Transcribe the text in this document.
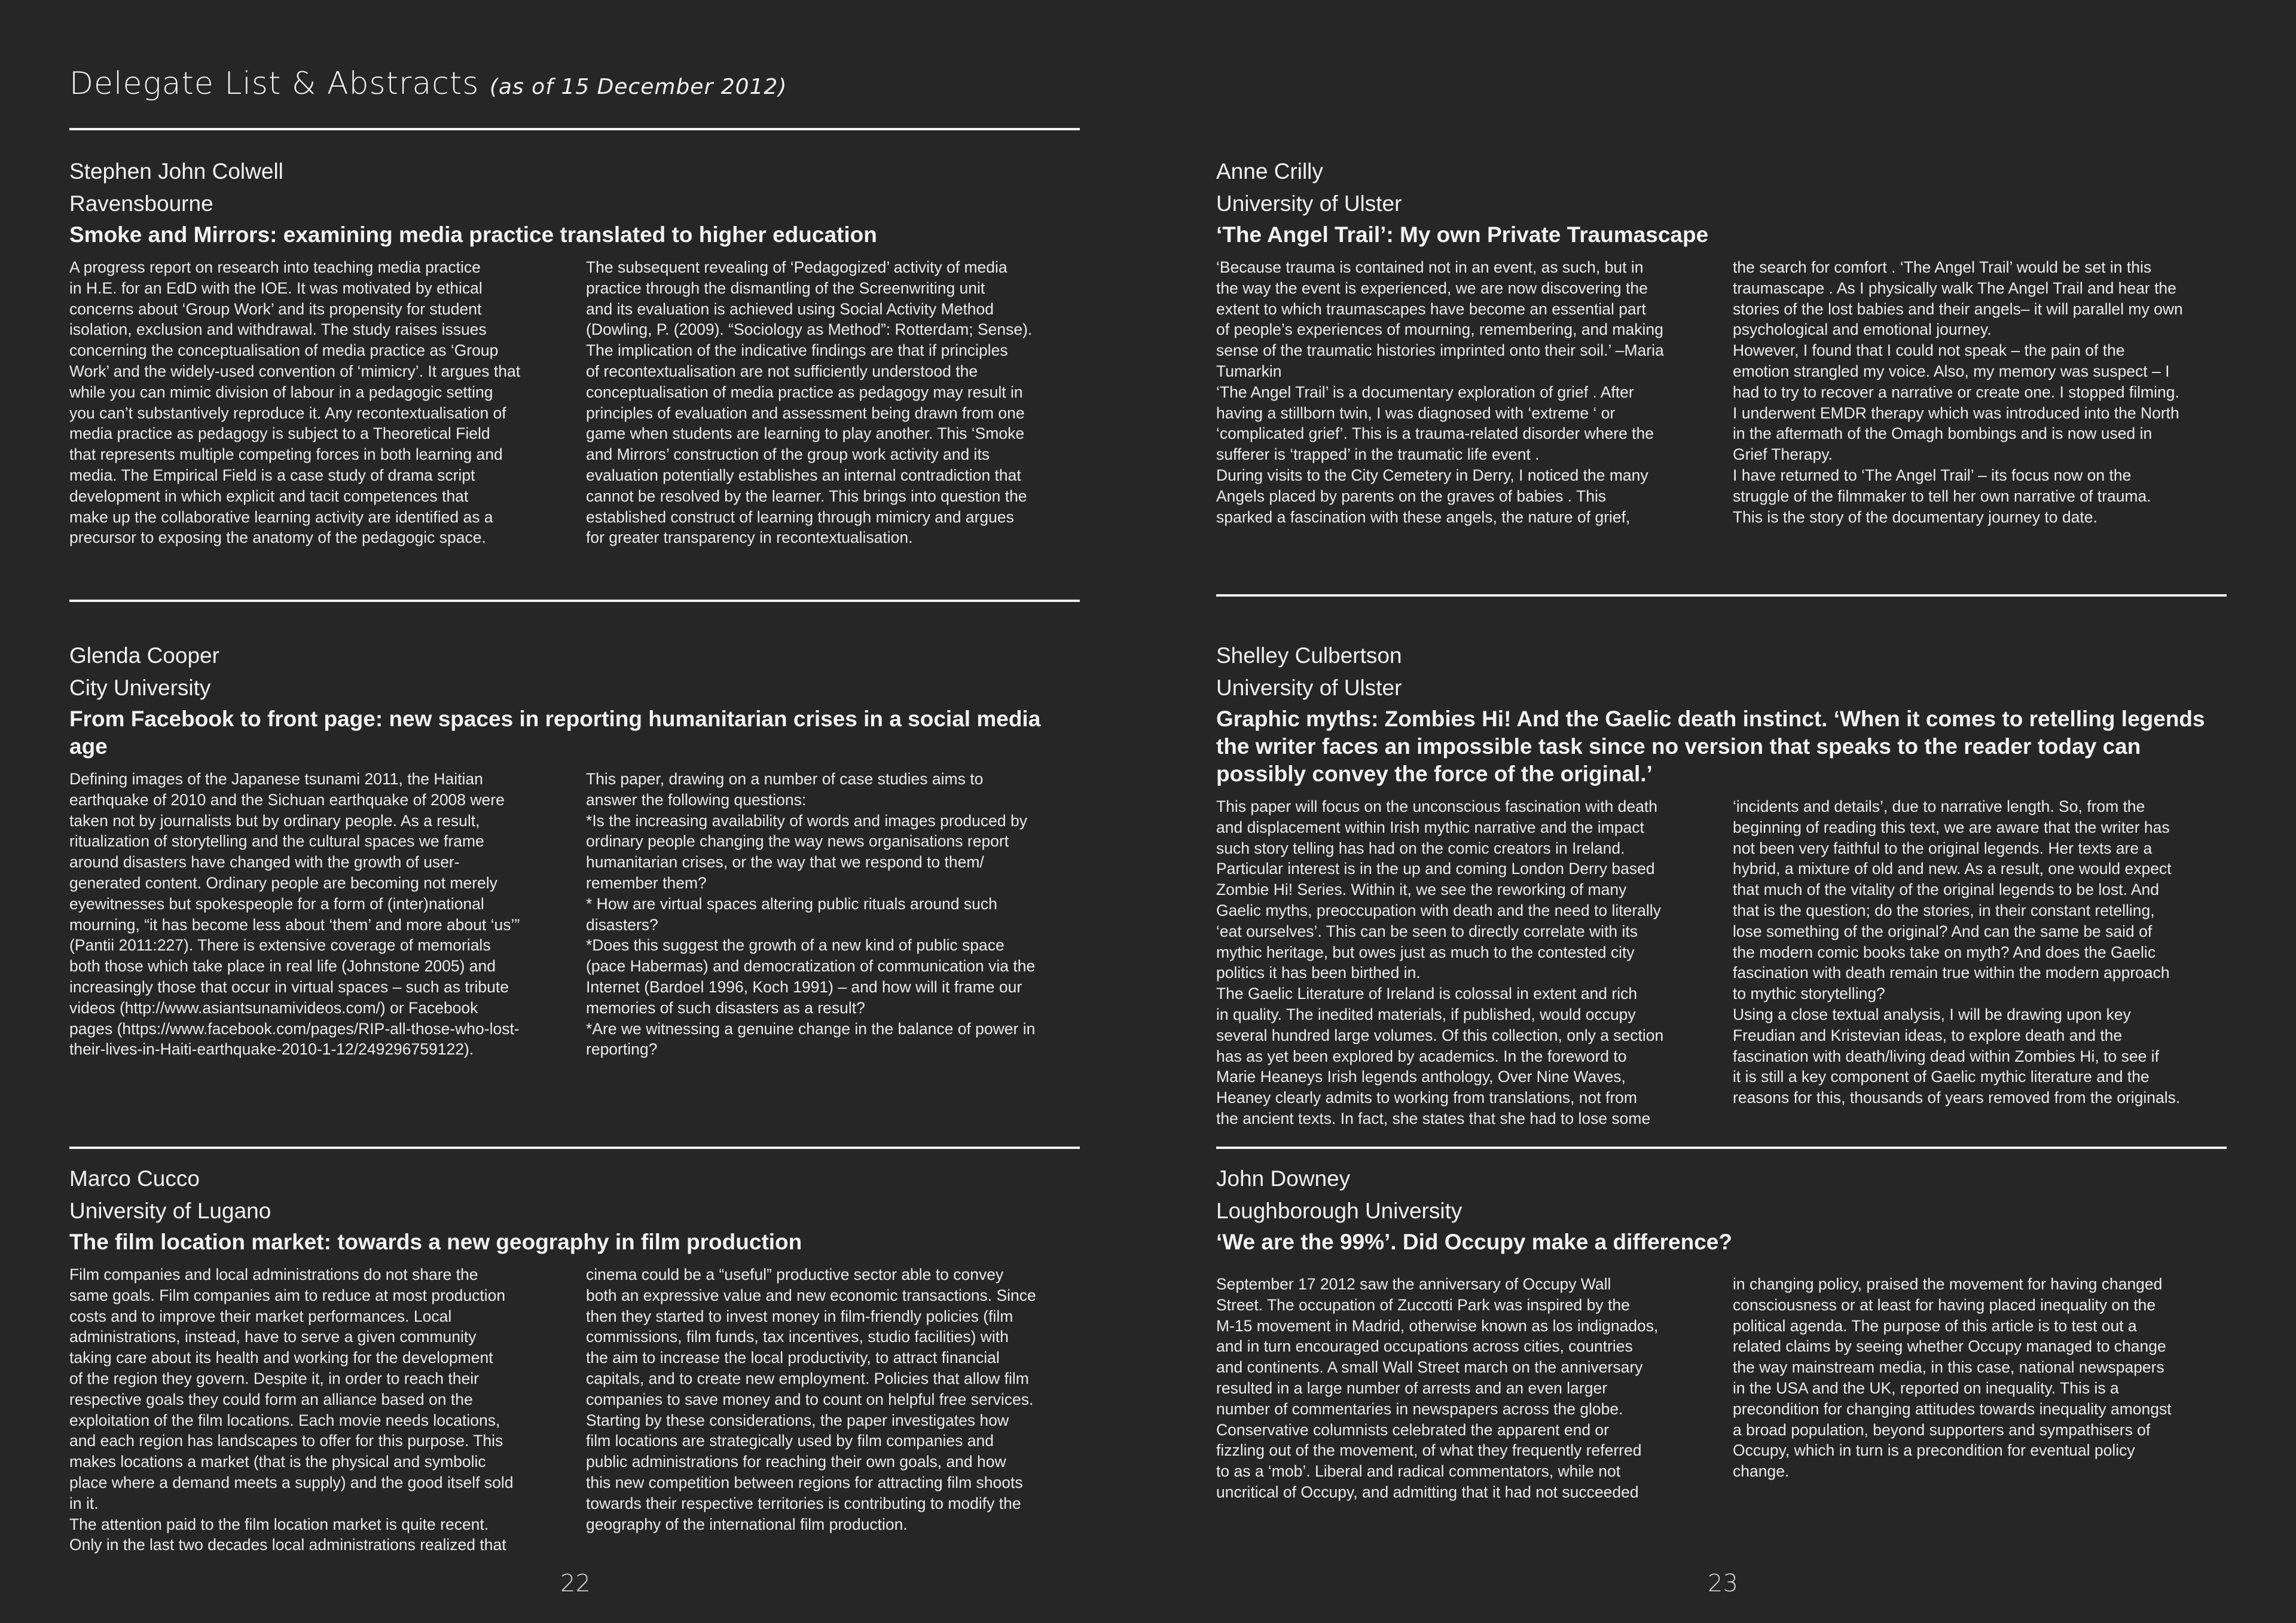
Delegate List & Abstracts (as of 15 December 2012)
Stephen John Colwell
Ravensbourne
Smoke and Mirrors: examining media practice translated to higher education
A progress report on research into teaching media practice
in H.E. for an EdD with the IOE. It was motivated by ethical
concerns about ‘Group Work’ and its propensity for student
isolation, exclusion and withdrawal. The study raises issues
concerning the conceptualisation of media practice as ‘Group
Work’ and the widely-used convention of ‘mimicry’. It argues that
while you can mimic division of labour in a pedagogic setting
you can’t substantively reproduce it. Any recontextualisation of
media practice as pedagogy is subject to a Theoretical Field
that represents multiple competing forces in both learning and
media. The Empirical Field is a case study of drama script
development in which explicit and tacit competences that
make up the collaborative learning activity are identified as a
precursor to exposing the anatomy of the pedagogic space.
The subsequent revealing of ‘Pedagogized’ activity of media
practice through the dismantling of the Screenwriting unit
and its evaluation is achieved using Social Activity Method
(Dowling, P. (2009). “Sociology as Method”: Rotterdam; Sense).
The implication of the indicative findings are that if principles
of recontextualisation are not sufficiently understood the
conceptualisation of media practice as pedagogy may result in
principles of evaluation and assessment being drawn from one
game when students are learning to play another. This ‘Smoke
and Mirrors’ construction of the group work activity and its
evaluation potentially establishes an internal contradiction that
cannot be resolved by the learner. This brings into question the
established construct of learning through mimicry and argues
for greater transparency in recontextualisation.
Anne Crilly
University of Ulster
‘The Angel Trail’: My own Private Traumascape
‘Because trauma is contained not in an event, as such, but in
the way the event is experienced, we are now discovering the
extent to which traumascapes have become an essential part
of people’s experiences of mourning, remembering, and making
sense of the traumatic histories imprinted onto their soil.’ –Maria
Tumarkin
‘The Angel Trail’ is a documentary exploration of grief . After
having a stillborn twin, I was diagnosed with ‘extreme ‘ or
‘complicated grief’. This is a trauma-related disorder where the
sufferer is ‘trapped’ in the traumatic life event .
During visits to the City Cemetery in Derry, I noticed the many
Angels placed by parents on the graves of babies . This
sparked a fascination with these angels, the nature of grief,
the search for comfort . ‘The Angel Trail’ would be set in this
traumascape . As I physically walk The Angel Trail and hear the
stories of the lost babies and their angels– it will parallel my own
psychological and emotional journey.
However, I found that I could not speak – the pain of the
emotion strangled my voice. Also, my memory was suspect – I
had to try to recover a narrative or create one. I stopped filming.
I underwent EMDR therapy which was introduced into the North
in the aftermath of the Omagh bombings and is now used in
Grief Therapy.
I have returned to ‘The Angel Trail’ – its focus now on the
struggle of the filmmaker to tell her own narrative of trauma.
This is the story of the documentary journey to date.
Glenda Cooper
City University
From Facebook to front page: new spaces in reporting humanitarian crises in a social media age
Defining images of the Japanese tsunami 2011, the Haitian
earthquake of 2010 and the Sichuan earthquake of 2008 were
taken not by journalists but by ordinary people. As a result,
ritualization of storytelling and the cultural spaces we frame
around disasters have changed with the growth of user-
generated content. Ordinary people are becoming not merely
eyewitnesses but spokespeople for a form of (inter)national
mourning, “it has become less about ‘them’ and more about ‘us’”
(Pantii 2011:227). There is extensive coverage of memorials
both those which take place in real life (Johnstone 2005) and
increasingly those that occur in virtual spaces – such as tribute
videos (http://www.asiantsunamivideos.com/) or Facebook
pages (https://www.facebook.com/pages/RIP-all-those-who-lost-
their-lives-in-Haiti-earthquake-2010-1-12/249296759122).
This paper, drawing on a number of case studies aims to
answer the following questions:
*Is the increasing availability of words and images produced by
ordinary people changing the way news organisations report
humanitarian crises, or the way that we respond to them/
remember them?
* How are virtual spaces altering public rituals around such
disasters?
*Does this suggest the growth of a new kind of public space
(pace Habermas) and democratization of communication via the
Internet (Bardoel 1996, Koch 1991) – and how will it frame our
memories of such disasters as a result?
*Are we witnessing a genuine change in the balance of power in
reporting?
Shelley Culbertson
University of Ulster
Graphic myths: Zombies Hi! And the Gaelic death instinct. ‘When it comes to retelling legends the writer faces an impossible task since no version that speaks to the reader today can possibly convey the force of the original.’
This paper will focus on the unconscious fascination with death
and displacement within Irish mythic narrative and the impact
such story telling has had on the comic creators in Ireland.
Particular interest is in the up and coming London Derry based
Zombie Hi! Series. Within it, we see the reworking of many
Gaelic myths, preoccupation with death and the need to literally
‘eat ourselves’. This can be seen to directly correlate with its
mythic heritage, but owes just as much to the contested city
politics it has been birthed in.
The Gaelic Literature of Ireland is colossal in extent and rich
in quality. The inedited materials, if published, would occupy
several hundred large volumes. Of this collection, only a section
has as yet been explored by academics. In the foreword to
Marie Heaneys Irish legends anthology, Over Nine Waves,
Heaney clearly admits to working from translations, not from
the ancient texts. In fact, she states that she had to lose some
‘incidents and details’, due to narrative length. So, from the
beginning of reading this text, we are aware that the writer has
not been very faithful to the original legends. Her texts are a
hybrid, a mixture of old and new. As a result, one would expect
that much of the vitality of the original legends to be lost. And
that is the question; do the stories, in their constant retelling,
lose something of the original? And can the same be said of
the modern comic books take on myth? And does the Gaelic
fascination with death remain true within the modern approach
to mythic storytelling?
Using a close textual analysis, I will be drawing upon key
Freudian and Kristevian ideas, to explore death and the
fascination with death/living dead within Zombies Hi, to see if
it is still a key component of Gaelic mythic literature and the
reasons for this, thousands of years removed from the originals.
Marco Cucco
University of Lugano
The film location market: towards a new geography in film production
Film companies and local administrations do not share the
same goals. Film companies aim to reduce at most production
costs and to improve their market performances. Local
administrations, instead, have to serve a given community
taking care about its health and working for the development
of the region they govern. Despite it, in order to reach their
respective goals they could form an alliance based on the
exploitation of the film locations. Each movie needs locations,
and each region has landscapes to offer for this purpose. This
makes locations a market (that is the physical and symbolic
place where a demand meets a supply) and the good itself sold
in it.
The attention paid to the film location market is quite recent.
Only in the last two decades local administrations realized that
cinema could be a “useful” productive sector able to convey
both an expressive value and new economic transactions. Since
then they started to invest money in film-friendly policies (film
commissions, film funds, tax incentives, studio facilities) with
the aim to increase the local productivity, to attract financial
capitals, and to create new employment. Policies that allow film
companies to save money and to count on helpful free services.
Starting by these considerations, the paper investigates how
film locations are strategically used by film companies and
public administrations for reaching their own goals, and how
this new competition between regions for attracting film shoots
towards their respective territories is contributing to modify the
geography of the international film production.
John Downey
Loughborough University
‘We are the 99%’. Did Occupy make a difference?
September 17 2012 saw the anniversary of Occupy Wall
Street. The occupation of Zuccotti Park was inspired by the
M-15 movement in Madrid, otherwise known as los indignados,
and in turn encouraged occupations across cities, countries
and continents. A small Wall Street march on the anniversary
resulted in a large number of arrests and an even larger
number of commentaries in newspapers across the globe.
Conservative columnists celebrated the apparent end or
fizzling out of the movement, of what they frequently referred
to as a ‘mob’. Liberal and radical commentators, while not
uncritical of Occupy, and admitting that it had not succeeded
in changing policy, praised the movement for having changed
consciousness or at least for having placed inequality on the
political agenda. The purpose of this article is to test out a
related claims by seeing whether Occupy managed to change
the way mainstream media, in this case, national newspapers
in the USA and the UK, reported on inequality. This is a
precondition for changing attitudes towards inequality amongst
a broad population, beyond supporters and sympathisers of
Occupy, which in turn is a precondition for eventual policy
change.
22	23
